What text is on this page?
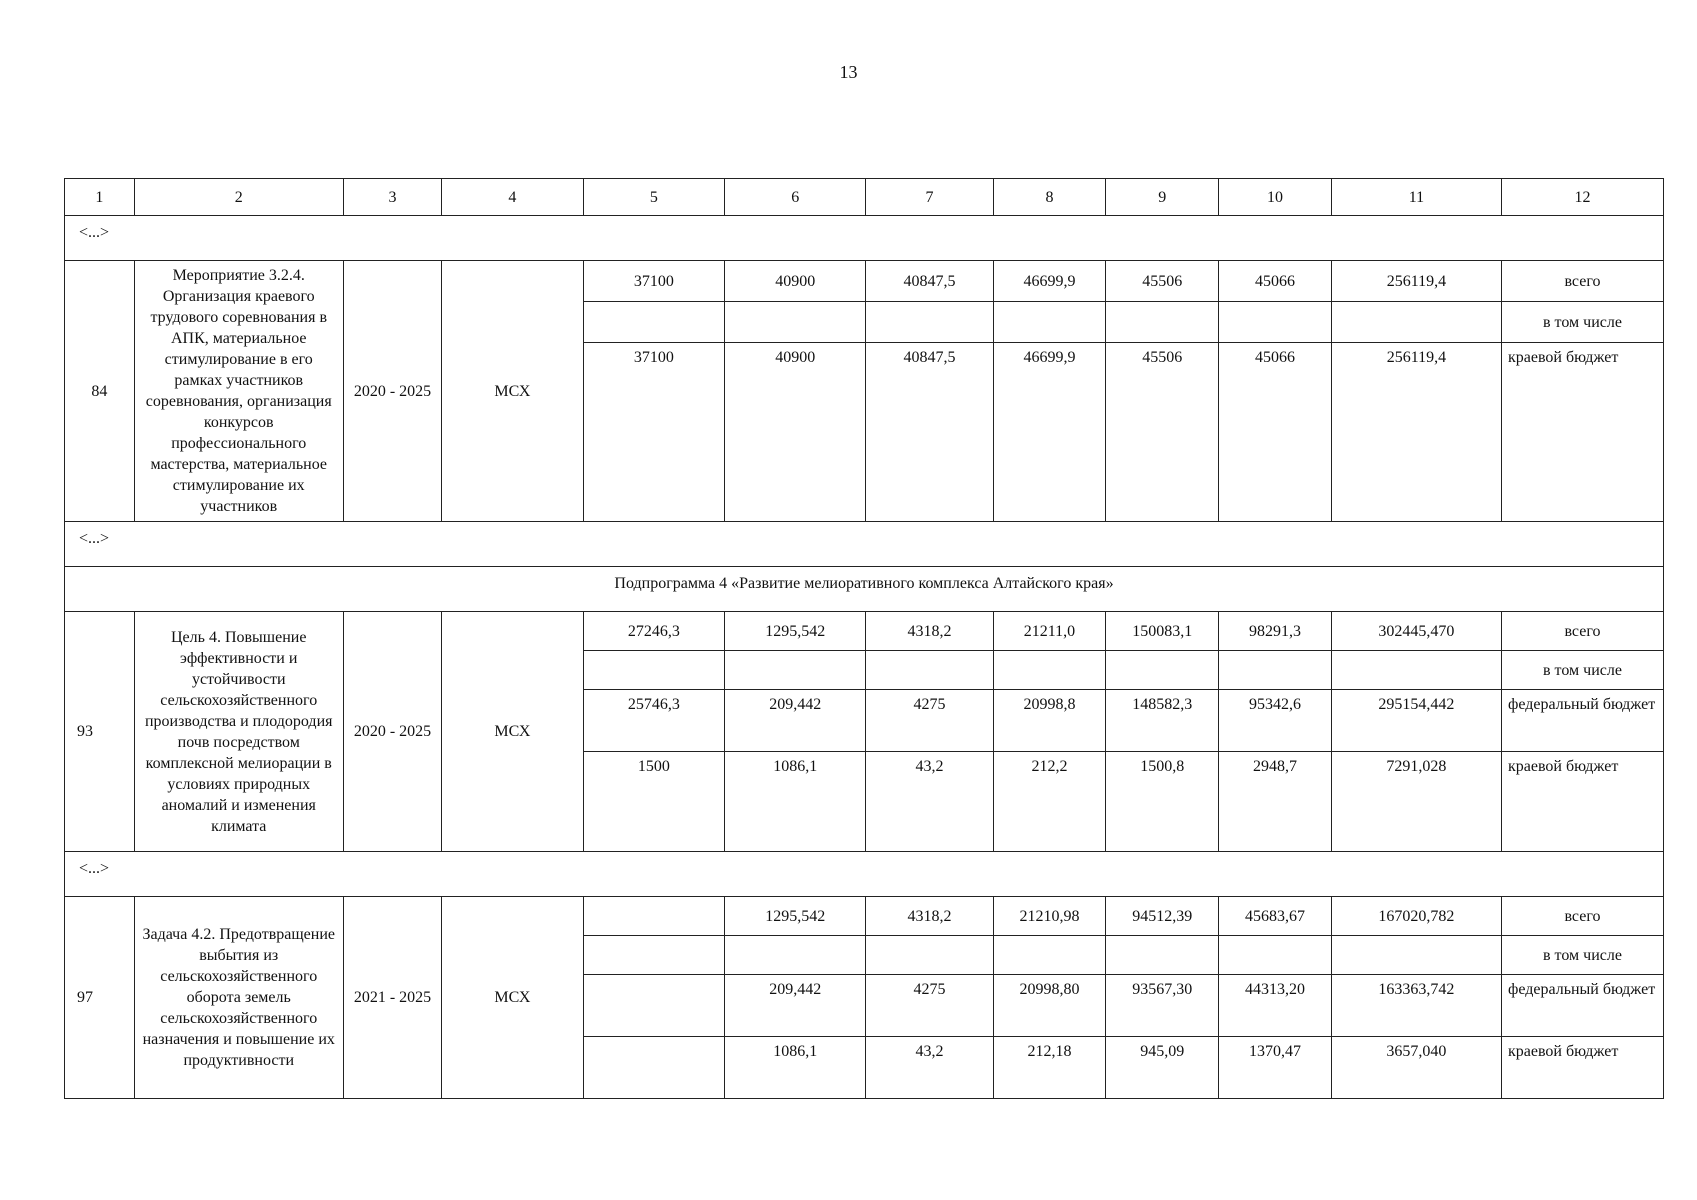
13
1	2	3	4	5	6	7	8	9	10	11	12
<...>											
84	Мероприятие 3.2.4. Организация краевого трудового соревнования в АПК, материальное стимулирование в его рамках участников соревнования, организация конкурсов профессионального мастерства, материальное стимулирование их участников	2020 - 2025	МСХ	37100	40900	40847,5	46699,9	45506	45066	256119,4	всего
											в том числе
				37100	40900	40847,5	46699,9	45506	45066	256119,4	краевой бюджет
<...>											
Подпрограмма 4 «Развитие мелиоративного комплекса Алтайского края»											
93	Цель 4. Повышение эффективности и устойчивости сельскохозяйственного производства и плодородия почв посредством комплексной мелиорации в условиях природных аномалий и изменения климата	2020 - 2025	МСХ	27246,3	1295,542	4318,2	21211,0	150083,1	98291,3	302445,470	всего
											в том числе
				25746,3	209,442	4275	20998,8	148582,3	95342,6	295154,442	федеральный бюджет
				1500	1086,1	43,2	212,2	1500,8	2948,7	7291,028	краевой бюджет
<...>											
97	Задача 4.2. Предотвращение выбытия из сельскохозяйственного оборота земель сельскохозяйственного назначения и повышение их продуктивности	2021 - 2025	МСХ		1295,542	4318,2	21210,98	94512,39	45683,67	167020,782	всего
											в том числе
					209,442	4275	20998,80	93567,30	44313,20	163363,742	федеральный бюджет
					1086,1	43,2	212,18	945,09	1370,47	3657,040	краевой бюджет
